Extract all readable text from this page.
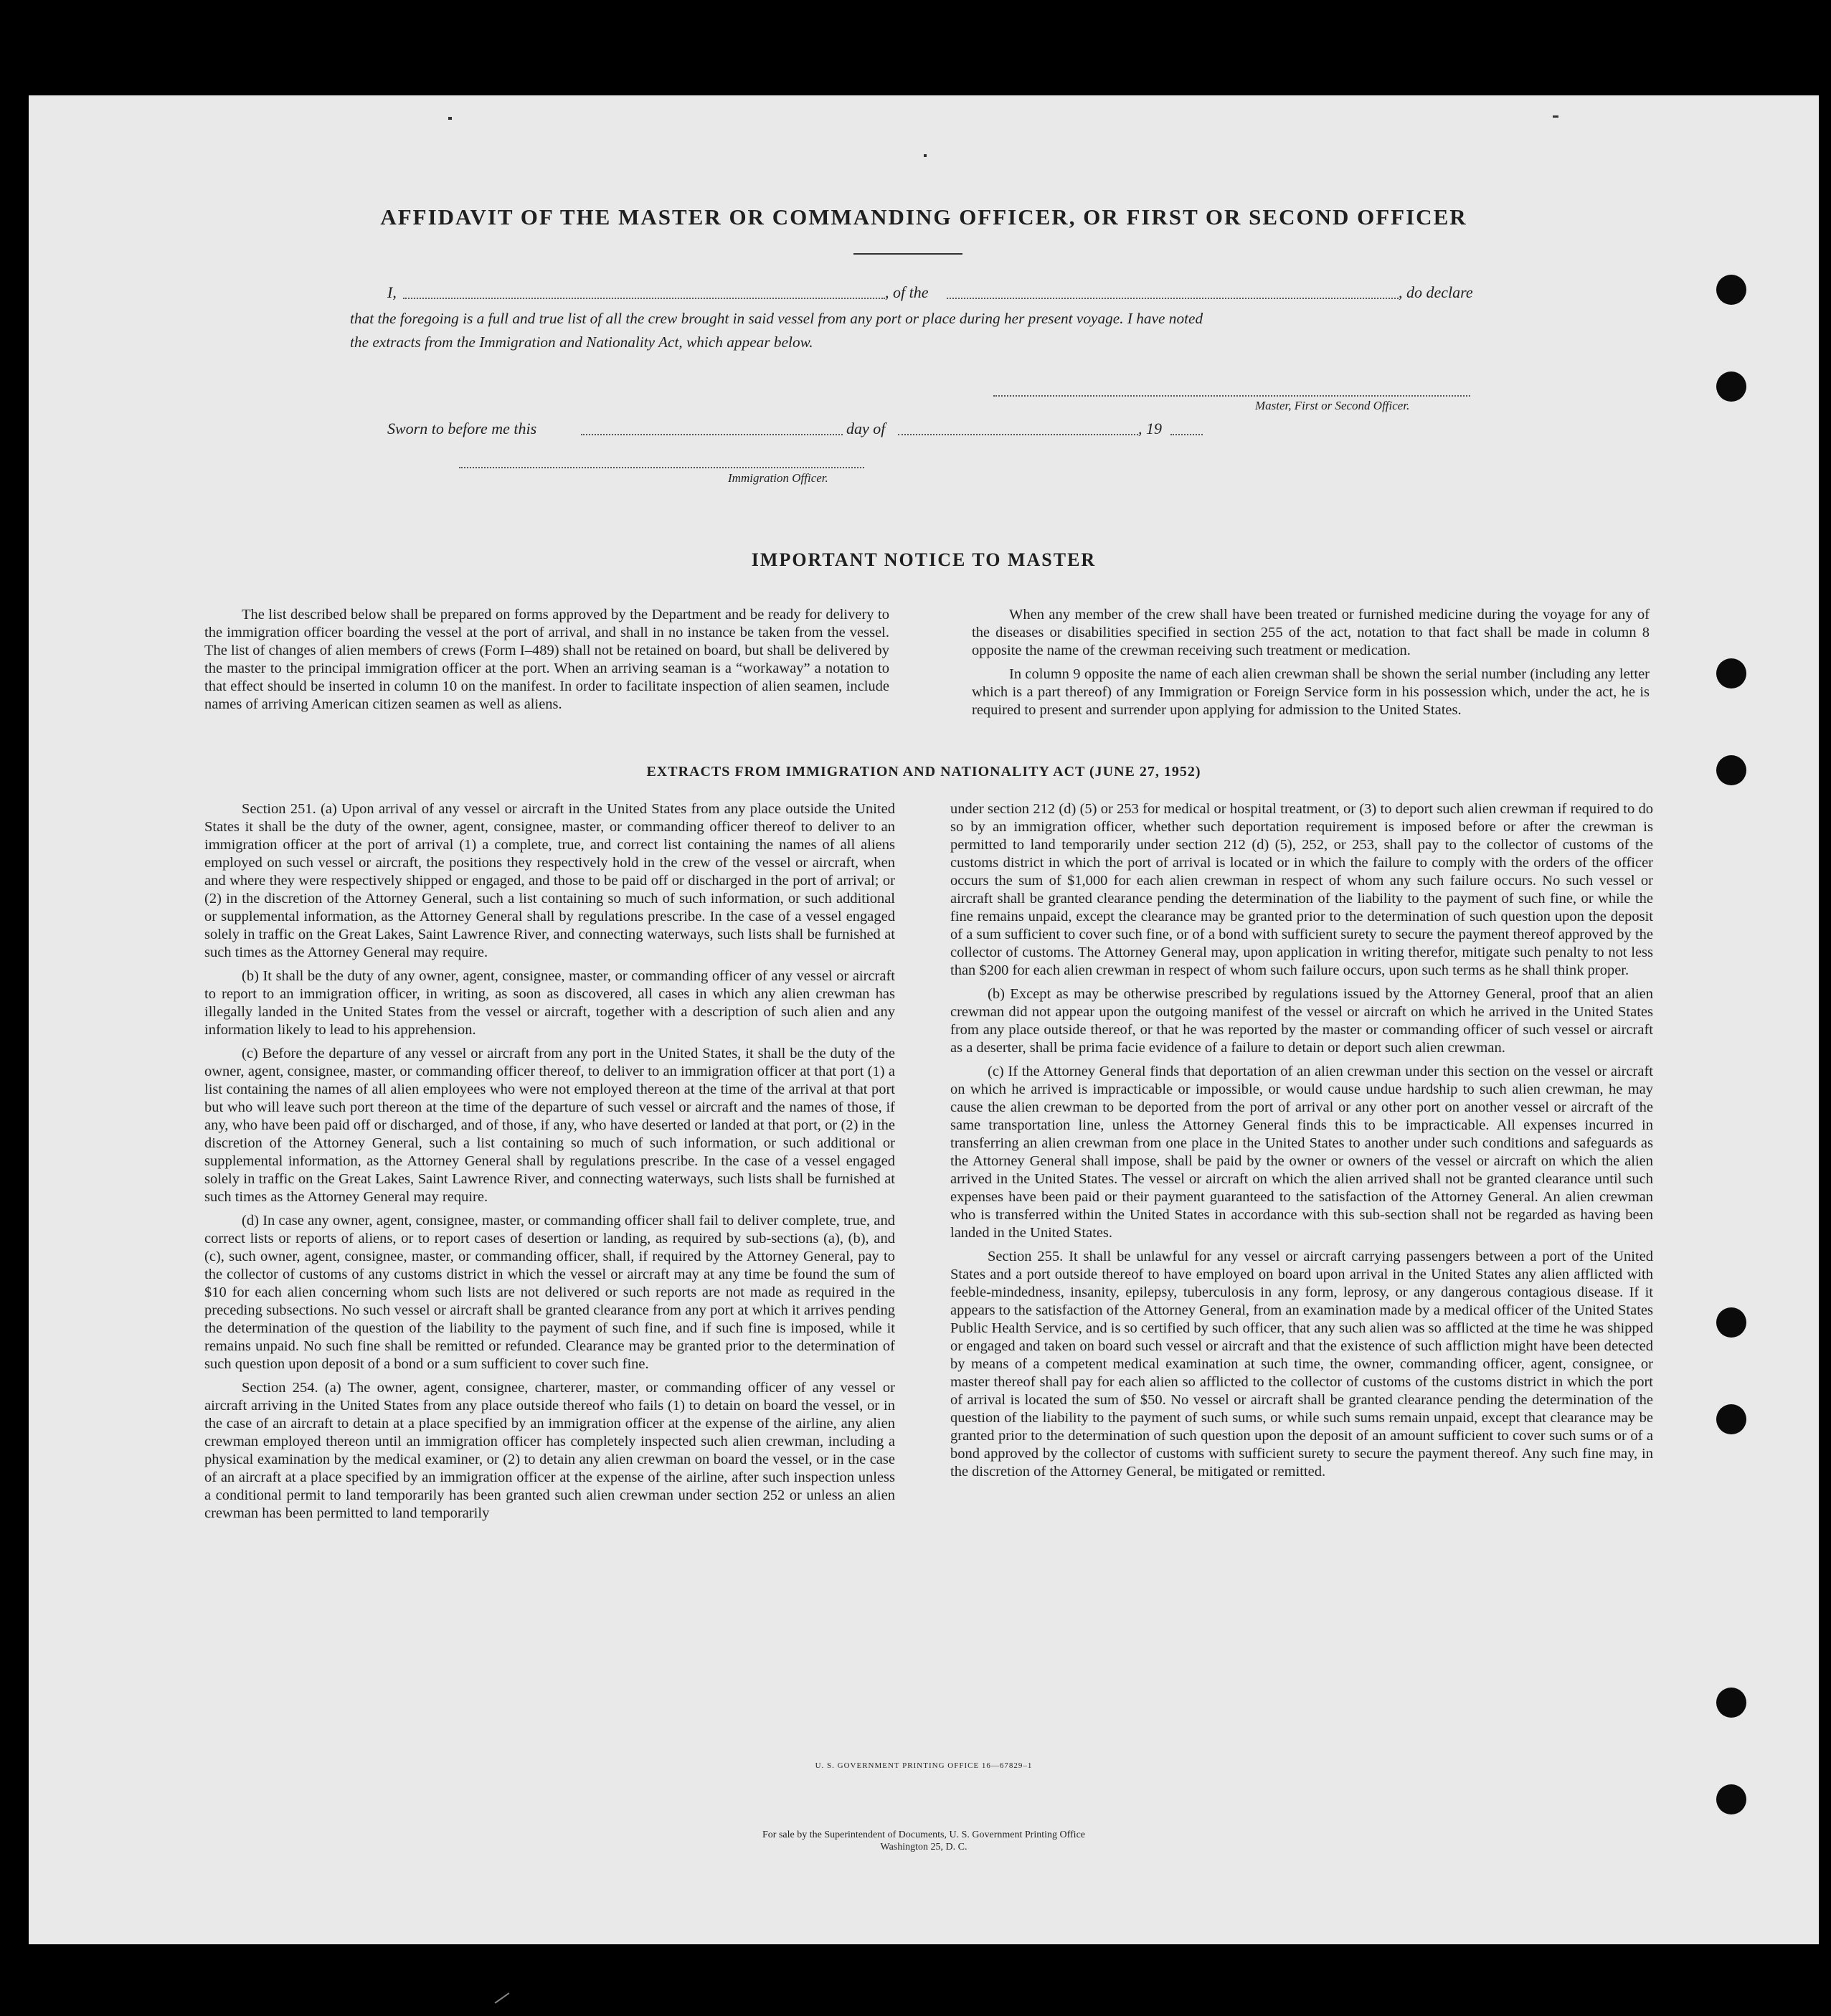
AFFIDAVIT OF THE MASTER OR COMMANDING OFFICER, OR FIRST OR SECOND OFFICER
I,	, of the	, do declare
that the foregoing is a full and true list of all the crew brought in said vessel from any port or place during her present voyage. I have noted
the extracts from the Immigration and Nationality Act, which appear below.
Master, First or Second Officer.
Sworn to before me this	day of	, 19
Immigration Officer.
IMPORTANT NOTICE TO MASTER

The list described below shall be prepared on forms approved by the Department and be ready for delivery to the immigration officer boarding the vessel at the port of arrival, and shall in no instance be taken from the vessel. The list of changes of alien members of crews (Form I–489) shall not be retained on board, but shall be delivered by the master to the principal immigration officer at the port. When an arriving seaman is a “workaway” a notation to that effect should be inserted in column 10 on the manifest. In order to facilitate inspection of alien seamen, include names of arriving American citizen seamen as well as aliens.

When any member of the crew shall have been treated or furnished medicine during the voyage for any of the diseases or disabilities specified in section 255 of the act, notation to that fact shall be made in column 8 opposite the name of the crewman receiving such treatment or medication.

In column 9 opposite the name of each alien crewman shall be shown the serial number (including any letter which is a part thereof) of any Immigration or Foreign Service form in his possession which, under the act, he is required to present and surrender upon applying for admission to the United States.

EXTRACTS FROM IMMIGRATION AND NATIONALITY ACT (JUNE 27, 1952)

Section 251. (a) Upon arrival of any vessel or aircraft in the United States from any place outside the United States it shall be the duty of the owner, agent, consignee, master, or commanding officer thereof to deliver to an immigration officer at the port of arrival (1) a complete, true, and correct list containing the names of all aliens employed on such vessel or aircraft, the positions they respectively hold in the crew of the vessel or aircraft, when and where they were respectively shipped or engaged, and those to be paid off or discharged in the port of arrival; or (2) in the discretion of the Attorney General, such a list containing so much of such information, or such additional or supplemental information, as the Attorney General shall by regulations prescribe. In the case of a vessel engaged solely in traffic on the Great Lakes, Saint Lawrence River, and connecting waterways, such lists shall be furnished at such times as the Attorney General may require.

(b) It shall be the duty of any owner, agent, consignee, master, or commanding officer of any vessel or aircraft to report to an immigration officer, in writing, as soon as discovered, all cases in which any alien crewman has illegally landed in the United States from the vessel or aircraft, together with a description of such alien and any information likely to lead to his apprehension.

(c) Before the departure of any vessel or aircraft from any port in the United States, it shall be the duty of the owner, agent, consignee, master, or commanding officer thereof, to deliver to an immigration officer at that port (1) a list containing the names of all alien employees who were not employed thereon at the time of the arrival at that port but who will leave such port thereon at the time of the departure of such vessel or aircraft and the names of those, if any, who have been paid off or discharged, and of those, if any, who have deserted or landed at that port, or (2) in the discretion of the Attorney General, such a list containing so much of such information, or such additional or supplemental information, as the Attorney General shall by regulations prescribe. In the case of a vessel engaged solely in traffic on the Great Lakes, Saint Lawrence River, and connecting waterways, such lists shall be furnished at such times as the Attorney General may require.

(d) In case any owner, agent, consignee, master, or commanding officer shall fail to deliver complete, true, and correct lists or reports of aliens, or to report cases of desertion or landing, as required by sub-sections (a), (b), and (c), such owner, agent, consignee, master, or commanding officer, shall, if required by the Attorney General, pay to the collector of customs of any customs district in which the vessel or aircraft may at any time be found the sum of $10 for each alien concerning whom such lists are not delivered or such reports are not made as required in the preceding subsections. No such vessel or aircraft shall be granted clearance from any port at which it arrives pending the determination of the question of the liability to the payment of such fine, and if such fine is imposed, while it remains unpaid. No such fine shall be remitted or refunded. Clearance may be granted prior to the determination of such question upon deposit of a bond or a sum sufficient to cover such fine.

Section 254. (a) The owner, agent, consignee, charterer, master, or commanding officer of any vessel or aircraft arriving in the United States from any place outside thereof who fails (1) to detain on board the vessel, or in the case of an aircraft to detain at a place specified by an immigration officer at the expense of the airline, any alien crewman employed thereon until an immigration officer has completely inspected such alien crewman, including a physical examination by the medical examiner, or (2) to detain any alien crewman on board the vessel, or in the case of an aircraft at a place specified by an immigration officer at the expense of the airline, after such inspection unless a conditional permit to land temporarily has been granted such alien crewman under section 252 or unless an alien crewman has been permitted to land temporarily

under section 212 (d) (5) or 253 for medical or hospital treatment, or (3) to deport such alien crewman if required to do so by an immigration officer, whether such deportation requirement is imposed before or after the crewman is permitted to land temporarily under section 212 (d) (5), 252, or 253, shall pay to the collector of customs of the customs district in which the port of arrival is located or in which the failure to comply with the orders of the officer occurs the sum of $1,000 for each alien crewman in respect of whom any such failure occurs. No such vessel or aircraft shall be granted clearance pending the determination of the liability to the payment of such fine, or while the fine remains unpaid, except the clearance may be granted prior to the determination of such question upon the deposit of a sum sufficient to cover such fine, or of a bond with sufficient surety to secure the payment thereof approved by the collector of customs. The Attorney General may, upon application in writing therefor, mitigate such penalty to not less than $200 for each alien crewman in respect of whom such failure occurs, upon such terms as he shall think proper.

(b) Except as may be otherwise prescribed by regulations issued by the Attorney General, proof that an alien crewman did not appear upon the outgoing manifest of the vessel or aircraft on which he arrived in the United States from any place outside thereof, or that he was reported by the master or commanding officer of such vessel or aircraft as a deserter, shall be prima facie evidence of a failure to detain or deport such alien crewman.

(c) If the Attorney General finds that deportation of an alien crewman under this section on the vessel or aircraft on which he arrived is impracticable or impossible, or would cause undue hardship to such alien crewman, he may cause the alien crewman to be deported from the port of arrival or any other port on another vessel or aircraft of the same transportation line, unless the Attorney General finds this to be impracticable. All expenses incurred in transferring an alien crewman from one place in the United States to another under such conditions and safeguards as the Attorney General shall impose, shall be paid by the owner or owners of the vessel or aircraft on which the alien arrived in the United States. The vessel or aircraft on which the alien arrived shall not be granted clearance until such expenses have been paid or their payment guaranteed to the satisfaction of the Attorney General. An alien crewman who is transferred within the United States in accordance with this sub-section shall not be regarded as having been landed in the United States.

Section 255. It shall be unlawful for any vessel or aircraft carrying passengers between a port of the United States and a port outside thereof to have employed on board upon arrival in the United States any alien afflicted with feeble-mindedness, insanity, epilepsy, tuberculosis in any form, leprosy, or any dangerous contagious disease. If it appears to the satisfaction of the Attorney General, from an examination made by a medical officer of the United States Public Health Service, and is so certified by such officer, that any such alien was so afflicted at the time he was shipped or engaged and taken on board such vessel or aircraft and that the existence of such affliction might have been detected by means of a competent medical examination at such time, the owner, commanding officer, agent, consignee, or master thereof shall pay for each alien so afflicted to the collector of customs of the customs district in which the port of arrival is located the sum of $50. No vessel or aircraft shall be granted clearance pending the determination of the question of the liability to the payment of such sums, or while such sums remain unpaid, except that clearance may be granted prior to the determination of such question upon the deposit of an amount sufficient to cover such sums or of a bond approved by the collector of customs with sufficient surety to secure the payment thereof. Any such fine may, in the discretion of the Attorney General, be mitigated or remitted.

U. S. GOVERNMENT PRINTING OFFICE 16—67829–1
For sale by the Superintendent of Documents, U. S. Government Printing Office
Washington 25, D. C.
